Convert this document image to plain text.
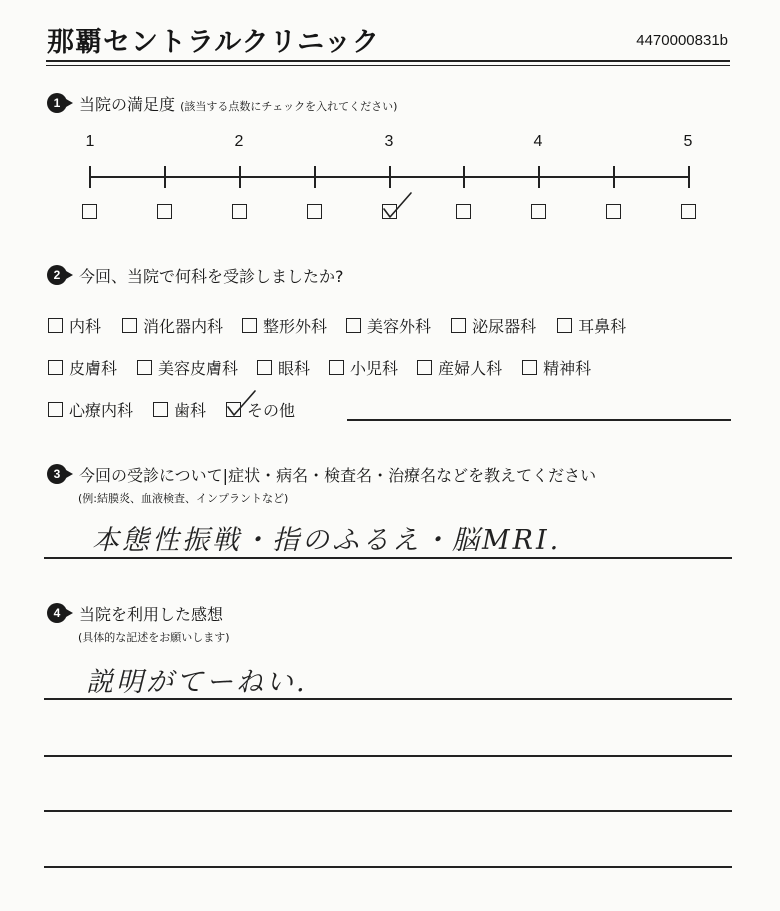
那覇セントラルクリニック	4470000831b
1	当院の満足度 (該当する点数にチェックを入れてください)
1	2	3	4	5
2	今回、当院で何科を受診しましたか?
内科	消化器内科	整形外科	美容外科	泌尿器科	耳鼻科
皮膚科	美容皮膚科	眼科	小児科	産婦人科	精神科
心療内科	歯科	その他
3	今回の受診について|症状・病名・検査名・治療名などを教えてください
(例:結膜炎、血液検査、インプラントなど)
本態性振戦・指のふるえ・脳MRI.
4	当院を利用した感想
(具体的な記述をお願いします)
説明がてーねい.
